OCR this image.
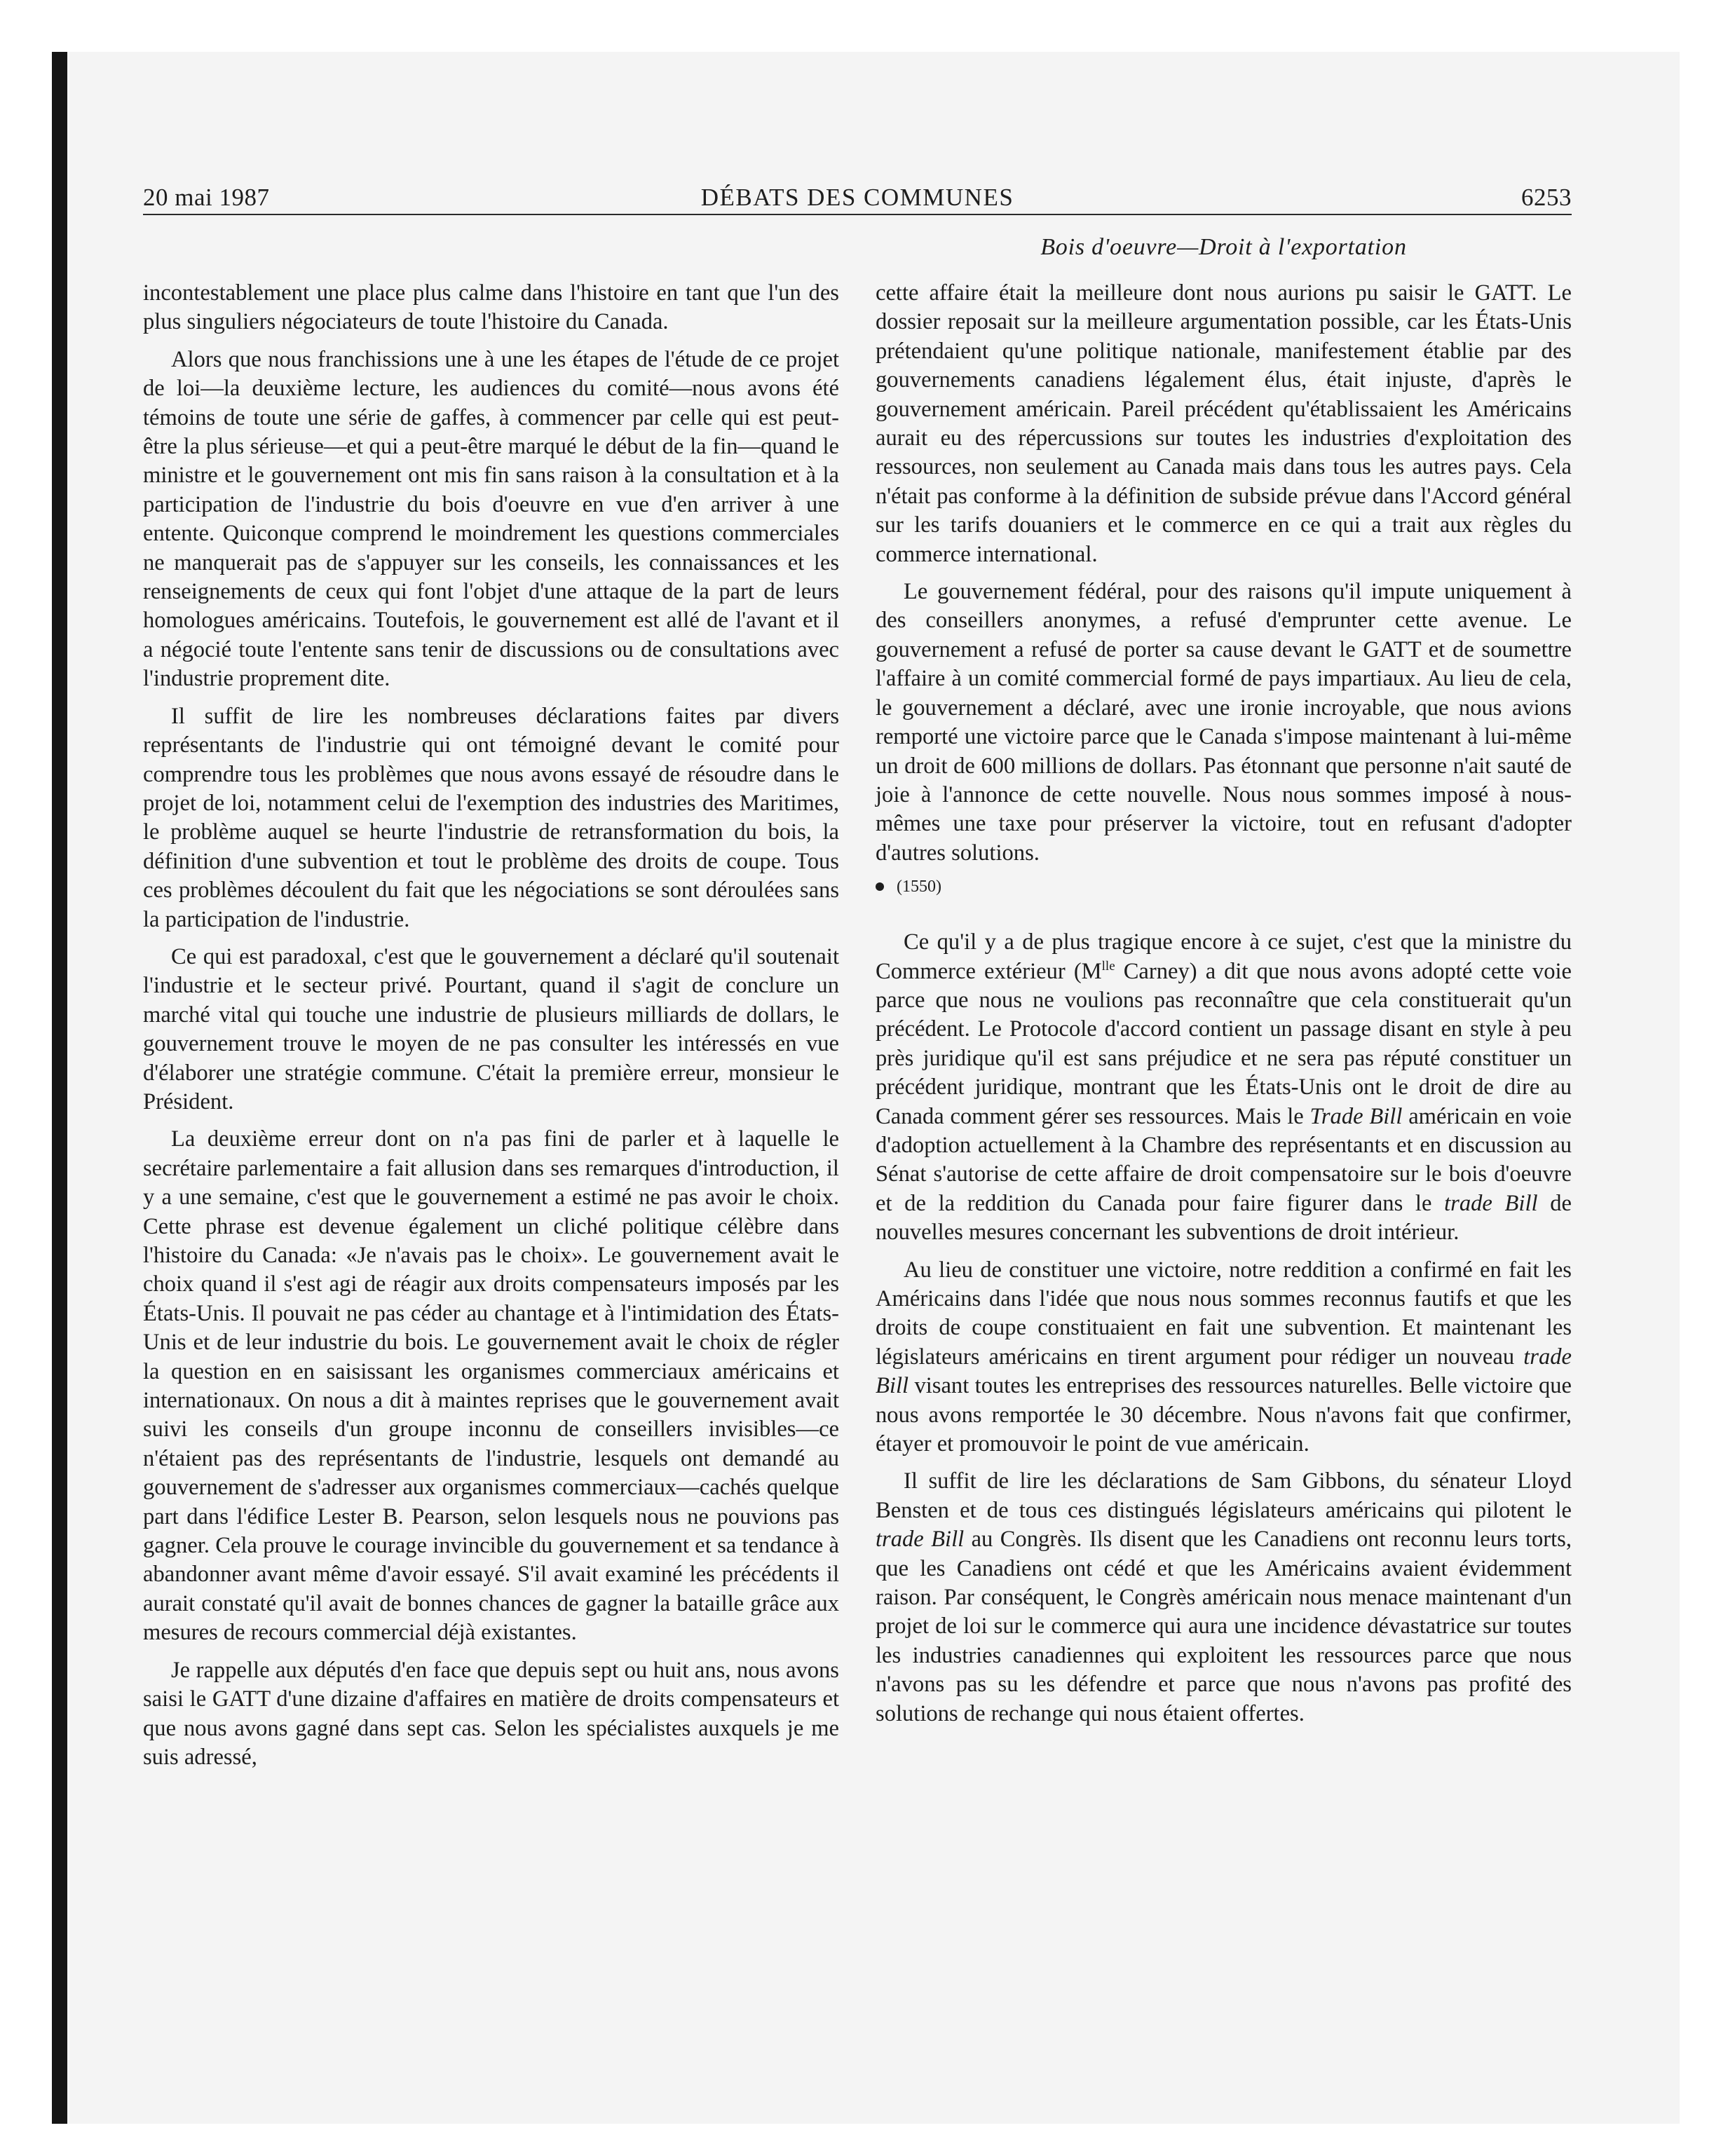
20 mai 1987	DÉBATS DES COMMUNES	6253
Bois d'oeuvre—Droit à l'exportation

incontestablement une place plus calme dans l'histoire en tant que l'un des plus singuliers négociateurs de toute l'histoire du Canada.

Alors que nous franchissions une à une les étapes de l'étude de ce projet de loi—la deuxième lecture, les audiences du comité—nous avons été témoins de toute une série de gaffes, à commencer par celle qui est peut-être la plus sérieuse—et qui a peut-être marqué le début de la fin—quand le ministre et le gouvernement ont mis fin sans raison à la consultation et à la participation de l'industrie du bois d'oeuvre en vue d'en arriver à une entente. Quiconque comprend le moindrement les questions commerciales ne manquerait pas de s'appuyer sur les conseils, les connaissances et les renseignements de ceux qui font l'objet d'une attaque de la part de leurs homologues américains. Toutefois, le gouvernement est allé de l'avant et il a négocié toute l'entente sans tenir de discussions ou de consultations avec l'industrie proprement dite.

Il suffit de lire les nombreuses déclarations faites par divers représentants de l'industrie qui ont témoigné devant le comité pour comprendre tous les problèmes que nous avons essayé de résoudre dans le projet de loi, notamment celui de l'exemption des industries des Maritimes, le problème auquel se heurte l'industrie de retransformation du bois, la définition d'une subvention et tout le problème des droits de coupe. Tous ces problèmes découlent du fait que les négociations se sont déroulées sans la participation de l'industrie.

Ce qui est paradoxal, c'est que le gouvernement a déclaré qu'il soutenait l'industrie et le secteur privé. Pourtant, quand il s'agit de conclure un marché vital qui touche une industrie de plusieurs milliards de dollars, le gouvernement trouve le moyen de ne pas consulter les intéressés en vue d'élaborer une stratégie commune. C'était la première erreur, monsieur le Président.

La deuxième erreur dont on n'a pas fini de parler et à laquelle le secrétaire parlementaire a fait allusion dans ses remarques d'introduction, il y a une semaine, c'est que le gouvernement a estimé ne pas avoir le choix. Cette phrase est devenue également un cliché politique célèbre dans l'histoire du Canada: «Je n'avais pas le choix». Le gouvernement avait le choix quand il s'est agi de réagir aux droits compensateurs imposés par les États-Unis. Il pouvait ne pas céder au chantage et à l'intimidation des États-Unis et de leur industrie du bois. Le gouvernement avait le choix de régler la question en en saisissant les organismes commerciaux américains et internationaux. On nous a dit à maintes reprises que le gouvernement avait suivi les conseils d'un groupe inconnu de conseillers invisibles—ce n'étaient pas des représentants de l'industrie, lesquels ont demandé au gouvernement de s'adresser aux organismes commerciaux—cachés quelque part dans l'édifice Lester B. Pearson, selon lesquels nous ne pouvions pas gagner. Cela prouve le courage invincible du gouvernement et sa tendance à abandonner avant même d'avoir essayé. S'il avait examiné les précédents il aurait constaté qu'il avait de bonnes chances de gagner la bataille grâce aux mesures de recours commercial déjà existantes.

Je rappelle aux députés d'en face que depuis sept ou huit ans, nous avons saisi le GATT d'une dizaine d'affaires en matière de droits compensateurs et que nous avons gagné dans sept cas. Selon les spécialistes auxquels je me suis adressé,

cette affaire était la meilleure dont nous aurions pu saisir le GATT. Le dossier reposait sur la meilleure argumentation possible, car les États-Unis prétendaient qu'une politique nationale, manifestement établie par des gouvernements canadiens légalement élus, était injuste, d'après le gouvernement américain. Pareil précédent qu'établissaient les Américains aurait eu des répercussions sur toutes les industries d'exploitation des ressources, non seulement au Canada mais dans tous les autres pays. Cela n'était pas conforme à la définition de subside prévue dans l'Accord général sur les tarifs douaniers et le commerce en ce qui a trait aux règles du commerce international.

Le gouvernement fédéral, pour des raisons qu'il impute uniquement à des conseillers anonymes, a refusé d'emprunter cette avenue. Le gouvernement a refusé de porter sa cause devant le GATT et de soumettre l'affaire à un comité commercial formé de pays impartiaux. Au lieu de cela, le gouvernement a déclaré, avec une ironie incroyable, que nous avions remporté une victoire parce que le Canada s'impose maintenant à lui-même un droit de 600 millions de dollars. Pas étonnant que personne n'ait sauté de joie à l'annonce de cette nouvelle. Nous nous sommes imposé à nous-mêmes une taxe pour préserver la victoire, tout en refusant d'adopter d'autres solutions.

(1550)

Ce qu'il y a de plus tragique encore à ce sujet, c'est que la ministre du Commerce extérieur ($M^{lle}$ Carney) a dit que nous avons adopté cette voie parce que nous ne voulions pas reconnaître que cela constituerait qu'un précédent. Le Protocole d'accord contient un passage disant en style à peu près juridique qu'il est sans préjudice et ne sera pas réputé constituer un précédent juridique, montrant que les États-Unis ont le droit de dire au Canada comment gérer ses ressources. Mais le Trade Bill américain en voie d'adoption actuellement à la Chambre des représentants et en discussion au Sénat s'autorise de cette affaire de droit compensatoire sur le bois d'oeuvre et de la reddition du Canada pour faire figurer dans le trade Bill de nouvelles mesures concernant les subventions de droit intérieur.

Au lieu de constituer une victoire, notre reddition a confirmé en fait les Américains dans l'idée que nous nous sommes reconnus fautifs et que les droits de coupe constituaient en fait une subvention. Et maintenant les législateurs américains en tirent argument pour rédiger un nouveau trade Bill visant toutes les entreprises des ressources naturelles. Belle victoire que nous avons remportée le 30 décembre. Nous n'avons fait que confirmer, étayer et promouvoir le point de vue américain.

Il suffit de lire les déclarations de Sam Gibbons, du sénateur Lloyd Bensten et de tous ces distingués législateurs américains qui pilotent le trade Bill au Congrès. Ils disent que les Canadiens ont reconnu leurs torts, que les Canadiens ont cédé et que les Américains avaient évidemment raison. Par conséquent, le Congrès américain nous menace maintenant d'un projet de loi sur le commerce qui aura une incidence dévastatrice sur toutes les industries canadiennes qui exploitent les ressources parce que nous n'avons pas su les défendre et parce que nous n'avons pas profité des solutions de rechange qui nous étaient offertes.
